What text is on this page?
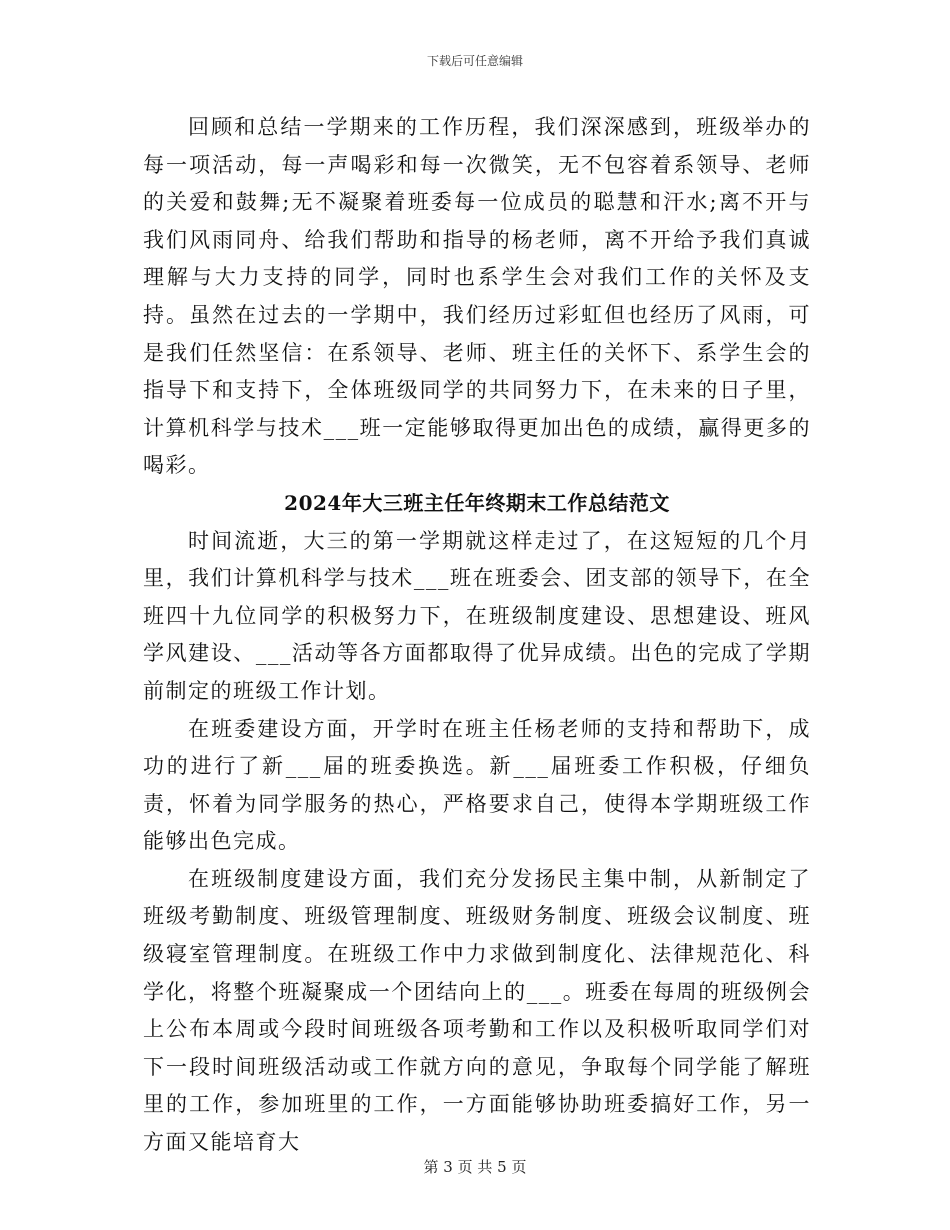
下载后可任意编辑

回顾和总结一学期来的工作历程，我们深深感到，班级举办的每一项活动，每一声喝彩和每一次微笑，无不包容着系领导、老师的关爱和鼓舞;无不凝聚着班委每一位成员的聪慧和汗水;离不开与我们风雨同舟、给我们帮助和指导的杨老师，离不开给予我们真诚理解与大力支持的同学，同时也系学生会对我们工作的关怀及支持。虽然在过去的一学期中，我们经历过彩虹但也经历了风雨，可是我们任然坚信：在系领导、老师、班主任的关怀下、系学生会的指导下和支持下，全体班级同学的共同努力下，在未来的日子里，计算机科学与技术___班一定能够取得更加出色的成绩，赢得更多的喝彩。

2024年大三班主任年终期末工作总结范文

时间流逝，大三的第一学期就这样走过了，在这短短的几个月里，我们计算机科学与技术___班在班委会、团支部的领导下，在全班四十九位同学的积极努力下，在班级制度建设、思想建设、班风学风建设、___活动等各方面都取得了优异成绩。出色的完成了学期前制定的班级工作计划。

在班委建设方面，开学时在班主任杨老师的支持和帮助下，成功的进行了新___届的班委换选。新___届班委工作积极，仔细负责，怀着为同学服务的热心，严格要求自己，使得本学期班级工作能够出色完成。

在班级制度建设方面，我们充分发扬民主集中制，从新制定了班级考勤制度、班级管理制度、班级财务制度、班级会议制度、班级寝室管理制度。在班级工作中力求做到制度化、法律规范化、科学化，将整个班凝聚成一个团结向上的___。班委在每周的班级例会上公布本周或今段时间班级各项考勤和工作以及积极听取同学们对下一段时间班级活动或工作就方向的意见，争取每个同学能了解班里的工作，参加班里的工作，一方面能够协助班委搞好工作，另一方面又能培育大

第 3 页 共 5 页
